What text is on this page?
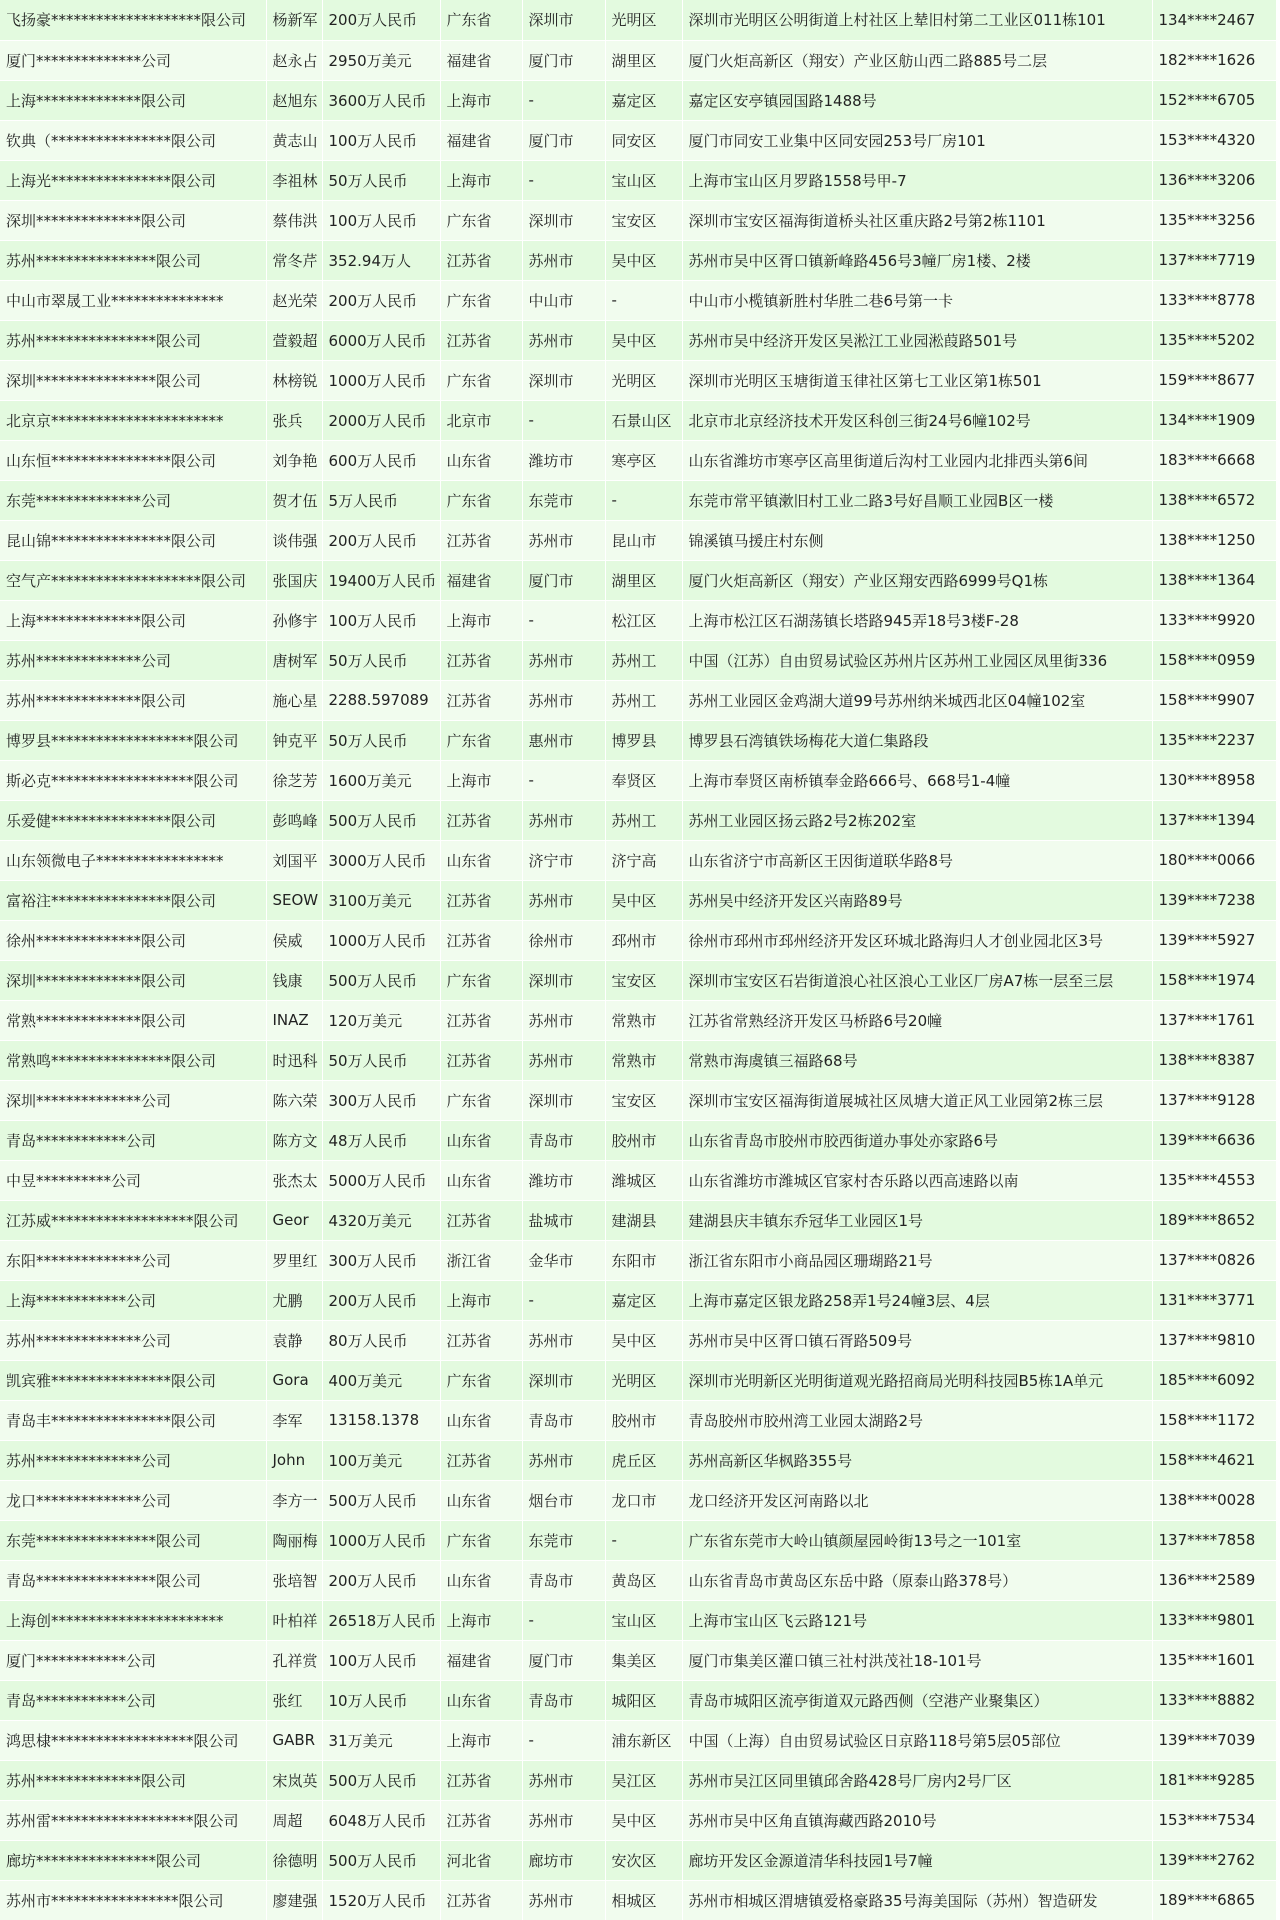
飞扬豪********************限公司	杨新军	200万人民币	广东省	深圳市	光明区	深圳市光明区公明街道上村社区上辇旧村第二工业区011栋101	134****2467
厦门**************公司	赵永占	2950万美元	福建省	厦门市	湖里区	厦门火炬高新区（翔安）产业区舫山西二路885号二层	182****1626
上海**************限公司	赵旭东	3600万人民币	上海市	-	嘉定区	嘉定区安亭镇园国路1488号	152****6705
钦典（****************限公司	黄志山	100万人民币	福建省	厦门市	同安区	厦门市同安工业集中区同安园253号厂房101	153****4320
上海光****************限公司	李祖林	50万人民币	上海市	-	宝山区	上海市宝山区月罗路1558号甲-7	136****3206
深圳**************限公司	蔡伟洪	100万人民币	广东省	深圳市	宝安区	深圳市宝安区福海街道桥头社区重庆路2号第2栋1101	135****3256
苏州****************限公司	常冬芹	352.94万人	江苏省	苏州市	吴中区	苏州市吴中区胥口镇新峰路456号3幢厂房1楼、2楼	137****7719
中山市翠晟工业***************	赵光荣	200万人民币	广东省	中山市	-	中山市小榄镇新胜村华胜二巷6号第一卡	133****8778
苏州****************限公司	萱毅超	6000万人民币	江苏省	苏州市	吴中区	苏州市吴中经济开发区吴淞江工业园淞葭路501号	135****5202
深圳****************限公司	林榜锐	1000万人民币	广东省	深圳市	光明区	深圳市光明区玉塘街道玉律社区第七工业区第1栋501	159****8677
北京京***********************	张兵	2000万人民币	北京市	-	石景山区	北京市北京经济技术开发区科创三街24号6幢102号	134****1909
山东恒****************限公司	刘争艳	600万人民币	山东省	潍坊市	寒亭区	山东省潍坊市寒亭区高里街道后沟村工业园内北排西头第6间	183****6668
东莞**************公司	贺才伍	5万人民币	广东省	东莞市	-	东莞市常平镇漱旧村工业二路3号好昌顺工业园B区一楼	138****6572
昆山锦****************限公司	谈伟强	200万人民币	江苏省	苏州市	昆山市	锦溪镇马援庄村东侧	138****1250
空气产********************限公司	张国庆	19400万人民币	福建省	厦门市	湖里区	厦门火炬高新区（翔安）产业区翔安西路6999号Q1栋	138****1364
上海**************限公司	孙修宇	100万人民币	上海市	-	松江区	上海市松江区石湖荡镇长塔路945弄18号3楼F-28	133****9920
苏州**************公司	唐树军	50万人民币	江苏省	苏州市	苏州工	中国（江苏）自由贸易试验区苏州片区苏州工业园区凤里街336	158****0959
苏州**************限公司	施心星	2288.597089	江苏省	苏州市	苏州工	苏州工业园区金鸡湖大道99号苏州纳米城西北区04幢102室	158****9907
博罗县*******************限公司	钟克平	50万人民币	广东省	惠州市	博罗县	博罗县石湾镇铁场梅花大道仁集路段	135****2237
斯必克*******************限公司	徐芝芳	1600万美元	上海市	-	奉贤区	上海市奉贤区南桥镇奉金路666号、668号1-4幢	130****8958
乐爱健****************限公司	彭鸣峰	500万人民币	江苏省	苏州市	苏州工	苏州工业园区扬云路2号2栋202室	137****1394
山东领微电子*****************	刘国平	3000万人民币	山东省	济宁市	济宁高	山东省济宁市高新区王因街道联华路8号	180****0066
富裕注****************限公司	SEOW	3100万美元	江苏省	苏州市	吴中区	苏州吴中经济开发区兴南路89号	139****7238
徐州**************限公司	侯威	1000万人民币	江苏省	徐州市	邳州市	徐州市邳州市邳州经济开发区环城北路海归人才创业园北区3号	139****5927
深圳**************限公司	钱康	500万人民币	广东省	深圳市	宝安区	深圳市宝安区石岩街道浪心社区浪心工业区厂房A7栋一层至三层	158****1974
常熟**************限公司	INAZ	120万美元	江苏省	苏州市	常熟市	江苏省常熟经济开发区马桥路6号20幢	137****1761
常熟鸣****************限公司	时迅科	50万人民币	江苏省	苏州市	常熟市	常熟市海虞镇三福路68号	138****8387
深圳**************公司	陈六荣	300万人民币	广东省	深圳市	宝安区	深圳市宝安区福海街道展城社区凤塘大道正风工业园第2栋三层	137****9128
青岛************公司	陈方文	48万人民币	山东省	青岛市	胶州市	山东省青岛市胶州市胶西街道办事处亦家路6号	139****6636
中昱**********公司	张杰太	5000万人民币	山东省	潍坊市	潍城区	山东省潍坊市潍城区官家村杏乐路以西高速路以南	135****4553
江苏威*******************限公司	Geor	4320万美元	江苏省	盐城市	建湖县	建湖县庆丰镇东乔冠华工业园区1号	189****8652
东阳**************公司	罗里红	300万人民币	浙江省	金华市	东阳市	浙江省东阳市小商品园区珊瑚路21号	137****0826
上海************公司	尤鹏	200万人民币	上海市	-	嘉定区	上海市嘉定区银龙路258弄1号24幢3层、4层	131****3771
苏州**************公司	袁静	80万人民币	江苏省	苏州市	吴中区	苏州市吴中区胥口镇石胥路509号	137****9810
凯宾雅****************限公司	Gora	400万美元	广东省	深圳市	光明区	深圳市光明新区光明街道观光路招商局光明科技园B5栋1A单元	185****6092
青岛丰****************限公司	李军	13158.1378	山东省	青岛市	胶州市	青岛胶州市胶州湾工业园太湖路2号	158****1172
苏州**************公司	John	100万美元	江苏省	苏州市	虎丘区	苏州高新区华枫路355号	158****4621
龙口**************公司	李方一	500万人民币	山东省	烟台市	龙口市	龙口经济开发区河南路以北	138****0028
东莞****************限公司	陶丽梅	1000万人民币	广东省	东莞市	-	广东省东莞市大岭山镇颜屋园岭街13号之一101室	137****7858
青岛****************限公司	张培智	200万人民币	山东省	青岛市	黄岛区	山东省青岛市黄岛区东岳中路（原泰山路378号）	136****2589
上海创***********************	叶柏祥	26518万人民币	上海市	-	宝山区	上海市宝山区飞云路121号	133****9801
厦门************公司	孔祥赏	100万人民币	福建省	厦门市	集美区	厦门市集美区灌口镇三社村洪茂社18-101号	135****1601
青岛************公司	张红	10万人民币	山东省	青岛市	城阳区	青岛市城阳区流亭街道双元路西侧（空港产业聚集区）	133****8882
鸿思棣*******************限公司	GABR	31万美元	上海市	-	浦东新区	中国（上海）自由贸易试验区日京路118号第5层05部位	139****7039
苏州**************限公司	宋岚英	500万人民币	江苏省	苏州市	吴江区	苏州市吴江区同里镇邱舍路428号厂房内2号厂区	181****9285
苏州雷*******************限公司	周超	6048万人民币	江苏省	苏州市	吴中区	苏州市吴中区角直镇海藏西路2010号	153****7534
廊坊****************限公司	徐德明	500万人民币	河北省	廊坊市	安次区	廊坊开发区金源道清华科技园1号7幢	139****2762
苏州市*****************限公司	廖建强	1520万人民币	江苏省	苏州市	相城区	苏州市相城区渭塘镇爱格豪路35号海美国际（苏州）智造研发	189****6865
